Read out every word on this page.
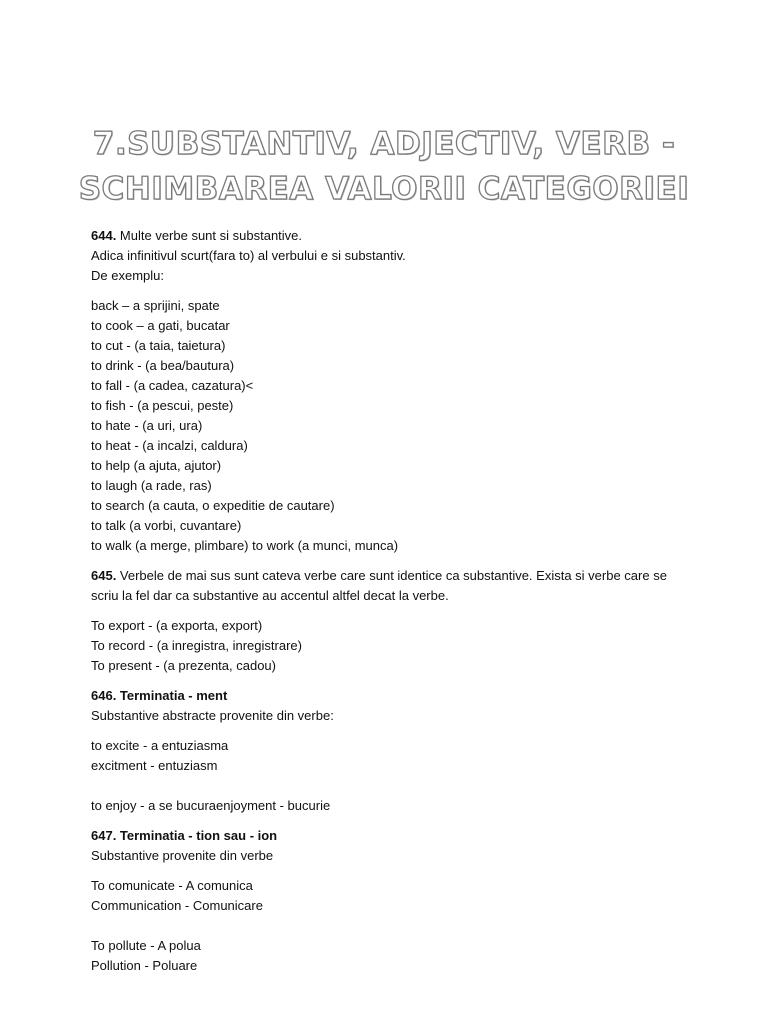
7.SUBSTANTIV, ADJECTIV, VERB -
SCHIMBAREA VALORII CATEGORIEI
644. Multe verbe sunt si substantive.
Adica infinitivul scurt(fara to) al verbului e si substantiv.
De exemplu:
back – a sprijini, spate
to cook – a gati, bucatar
to cut - (a taia, taietura)
to drink - (a bea/bautura)
to fall - (a cadea, cazatura)<
to fish - (a pescui, peste)
to hate - (a uri, ura)
to heat - (a incalzi, caldura)
to help (a ajuta, ajutor)
to laugh (a rade, ras)
to search (a cauta, o expeditie de cautare)
to talk (a vorbi, cuvantare)
to walk (a merge, plimbare) to work (a munci, munca)
645. Verbele de mai sus sunt cateva verbe care sunt identice ca substantive. Exista si verbe care se scriu la fel dar ca substantive au accentul altfel decat la verbe.
To export - (a exporta, export)
To record - (a inregistra, inregistrare)
To present - (a prezenta, cadou)
646. Terminatia - ment
Substantive abstracte provenite din verbe:
to excite - a entuziasma
excitment - entuziasm
to enjoy - a se bucuraenjoyment - bucurie
647. Terminatia - tion sau - ion
Substantive provenite din verbe
To comunicate - A comunica
Communication - Comunicare
To pollute - A polua
Pollution - Poluare
